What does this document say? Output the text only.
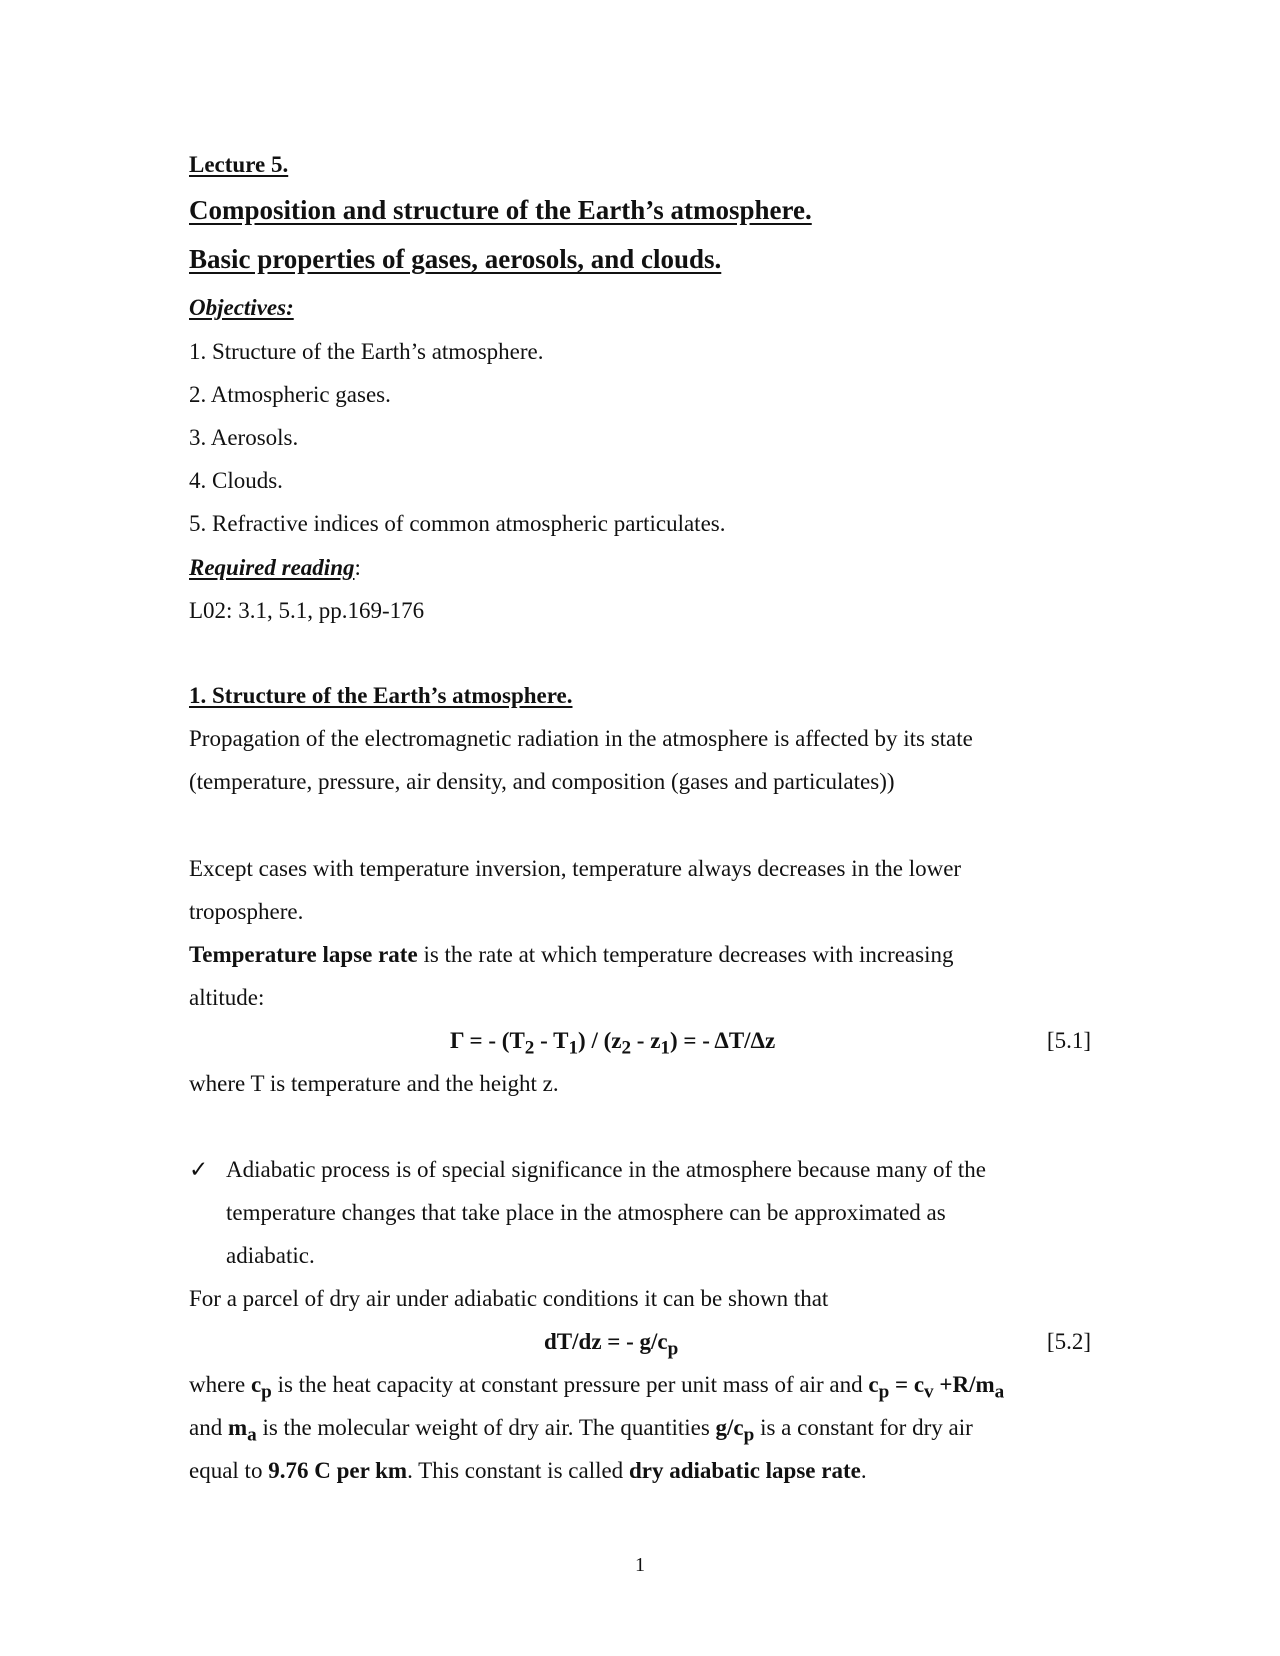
Lecture 5.
Composition and structure of the Earth’s atmosphere.
Basic properties of gases, aerosols, and clouds.
Objectives:
1. Structure of the Earth’s atmosphere.
2. Atmospheric gases.
3. Aerosols.
4. Clouds.
5. Refractive indices of common atmospheric particulates.
Required reading:
L02: 3.1, 5.1, pp.169-176
1. Structure of the Earth’s atmosphere.
Propagation of the electromagnetic radiation in the atmosphere is affected by its state
(temperature, pressure, air density, and composition (gases and particulates))
Except cases with temperature inversion, temperature always decreases in the lower
troposphere.
Temperature lapse rate is the rate at which temperature decreases with increasing
altitude:
Γ = - $(T_2 - T_1) / (z_2 - z_1)$ = - ΔT/Δz	[5.1]
where T is temperature and the height z.
✓ Adiabatic process is of special significance in the atmosphere because many of the
temperature changes that take place in the atmosphere can be approximated as
adiabatic.
For a parcel of dry air under adiabatic conditions it can be shown that
dT/dz = - $g/c_p$	[5.2]
where $c_p$ is the heat capacity at constant pressure per unit mass of air and $c_p = c_v +R/m_a$
and $m_a$ is the molecular weight of dry air. The quantities $g/c_p$ is a constant for dry air
equal to 9.76 C per km. This constant is called dry adiabatic lapse rate.
1
